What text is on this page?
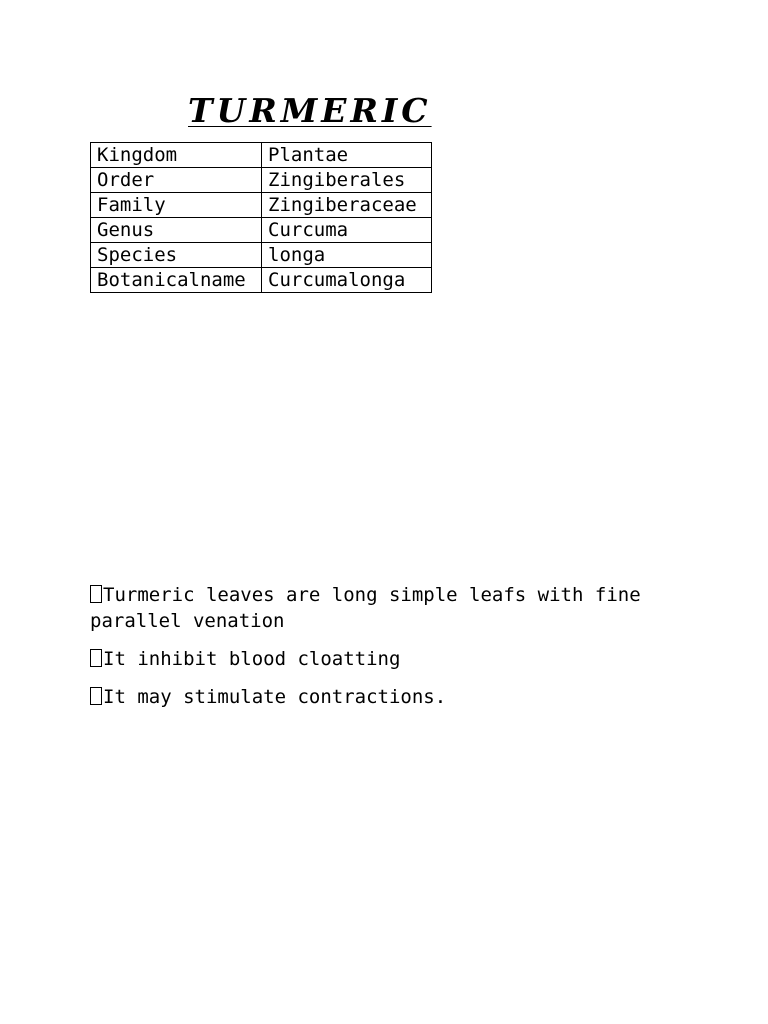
TURMERIC
Kingdom	Plantae
Order	Zingiberales
Family	Zingiberaceae
Genus	Curcuma
Species	longa
Botanicalname	Curcumalonga
Turmeric leaves are long simple leafs with fine parallel venation
It inhibit blood cloatting
It may stimulate contractions.
